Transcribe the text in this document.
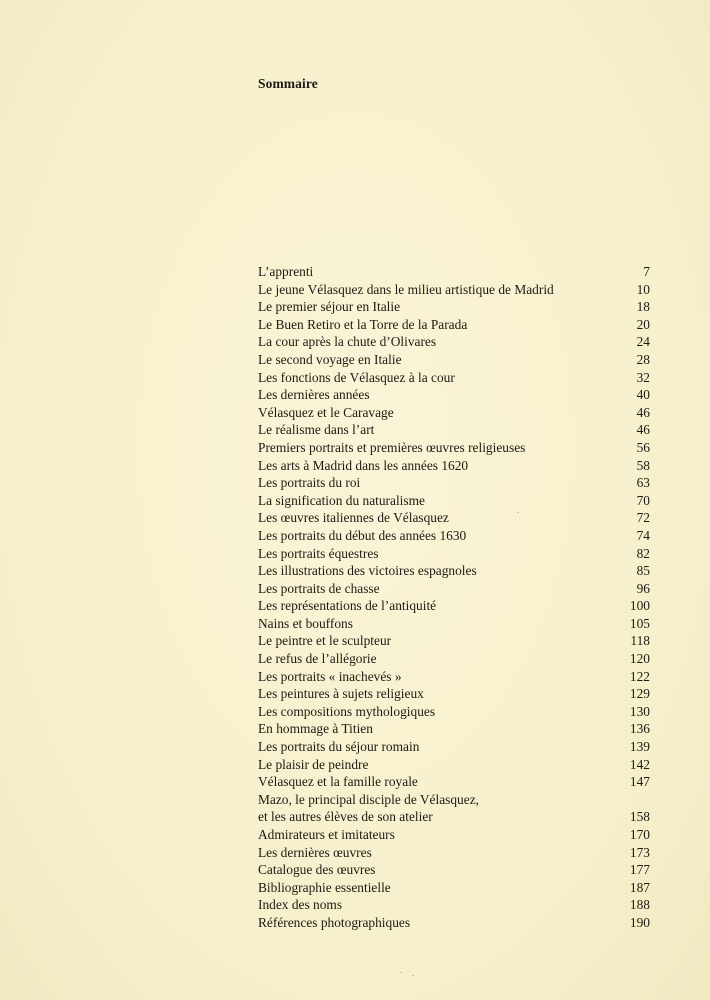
Sommaire
L’apprenti	7
Le jeune Vélasquez dans le milieu artistique de Madrid	10
Le premier séjour en Italie	18
Le Buen Retiro et la Torre de la Parada	20
La cour après la chute d’Olivares	24
Le second voyage en Italie	28
Les fonctions de Vélasquez à la cour	32
Les dernières années	40
Vélasquez et le Caravage	46
Le réalisme dans l’art	46
Premiers portraits et premières œuvres religieuses	56
Les arts à Madrid dans les années 1620	58
Les portraits du roi	63
La signification du naturalisme	70
Les œuvres italiennes de Vélasquez	72
Les portraits du début des années 1630	74
Les portraits équestres	82
Les illustrations des victoires espagnoles	85
Les portraits de chasse	96
Les représentations de l’antiquité	100
Nains et bouffons	105
Le peintre et le sculpteur	118
Le refus de l’allégorie	120
Les portraits « inachevés »	122
Les peintures à sujets religieux	129
Les compositions mythologiques	130
En hommage à Titien	136
Les portraits du séjour romain	139
Le plaisir de peindre	142
Vélasquez et la famille royale	147
Mazo, le principal disciple de Vélasquez,
et les autres élèves de son atelier	158
Admirateurs et imitateurs	170
Les dernières œuvres	173
Catalogue des œuvres	177
Bibliographie essentielle	187
Index des noms	188
Références photographiques	190
